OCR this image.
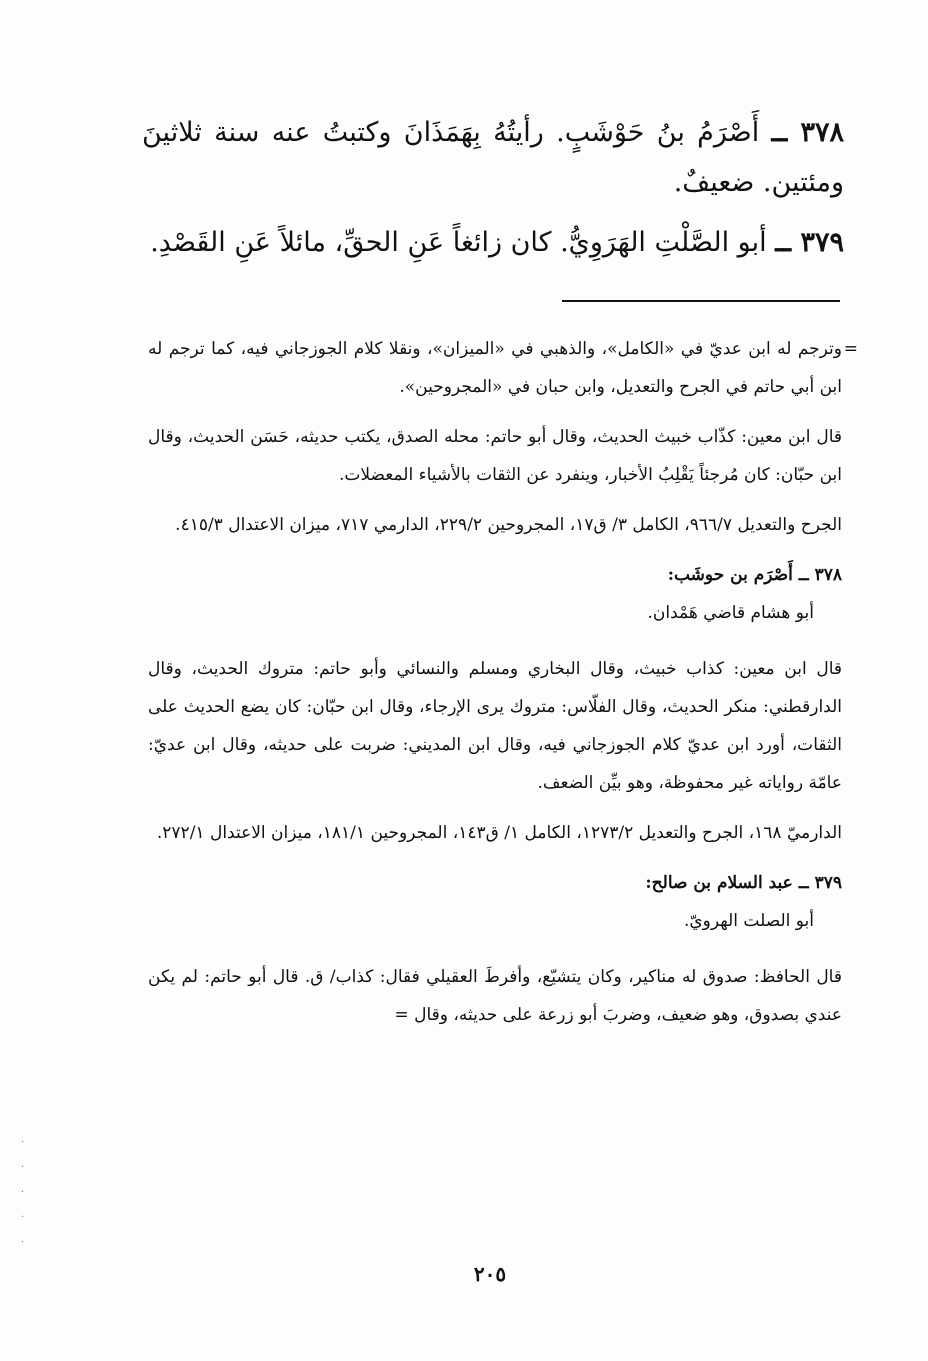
٣٧٨ ــ أَصْرَمُ بنُ حَوْشَبٍ. رأيتُهُ بِهَمَذَانَ وكتبتُ عنه سنة ثلاثينَ ومئتين. ضعيفٌ.

٣٧٩ ــ أبو الصَّلْتِ الهَرَوِيُّ. كان زائغاً عَنِ الحقِّ، مائلاً عَنِ القَصْدِ.

=
وترجم له ابن عديّ في «الكامل»، والذهبي في «الميزان»، ونقلا كلام الجوزجاني فيه، كما ترجم له ابن أبي حاتم في الجرح والتعديل، وابن حبان في «المجروحين».

قال ابن معين: كذّاب خبيث الحديث، وقال أبو حاتم: محله الصدق، يكتب حديثه، حَسَن الحديث، وقال ابن حبّان: كان مُرجئاً يَقْلِبُ الأخبار، وينفرد عن الثقات بالأشياء المعضلات.

الجرح والتعديل ٩٦٦/٧، الكامل ٣/ ق١٧، المجروحين ٢٢٩/٢، الدارمي ٧١٧، ميزان الاعتدال ٤١٥/٣.

٣٧٨ ــ أَصْرَم بن حوشَب:

أبو هشام قاضي هَمْدان.

قال ابن معين: كذاب خبيث، وقال البخاري ومسلم والنسائي وأبو حاتم: متروك الحديث، وقال الدارقطني: منكر الحديث، وقال الفلّاس: متروك يرى الإرجاء، وقال ابن حبّان: كان يضع الحديث على الثقات، أورد ابن عديّ كلام الجوزجاني فيه، وقال ابن المديني: ضربت على حديثه، وقال ابن عديّ: عامّة رواياته غير محفوظة، وهو بيِّن الضعف.

الدارميّ ١٦٨، الجرح والتعديل ١٢٧٣/٢، الكامل ١/ ق١٤٣، المجروحين ١٨١/١، ميزان الاعتدال ٢٧٢/١.

٣٧٩ ــ عبد السلام بن صالح:

أبو الصلت الهرويّ.

قال الحافظ: صدوق له مناكير، وكان يتشيّع، وأفرطَ العقيلي فقال: كذاب/ ق. قال أبو حاتم: لم يكن عندي بصدوق، وهو ضعيف، وضربَ أبو زرعة على حديثه، وقال =

·
·
·
·
·
٢٠٥
